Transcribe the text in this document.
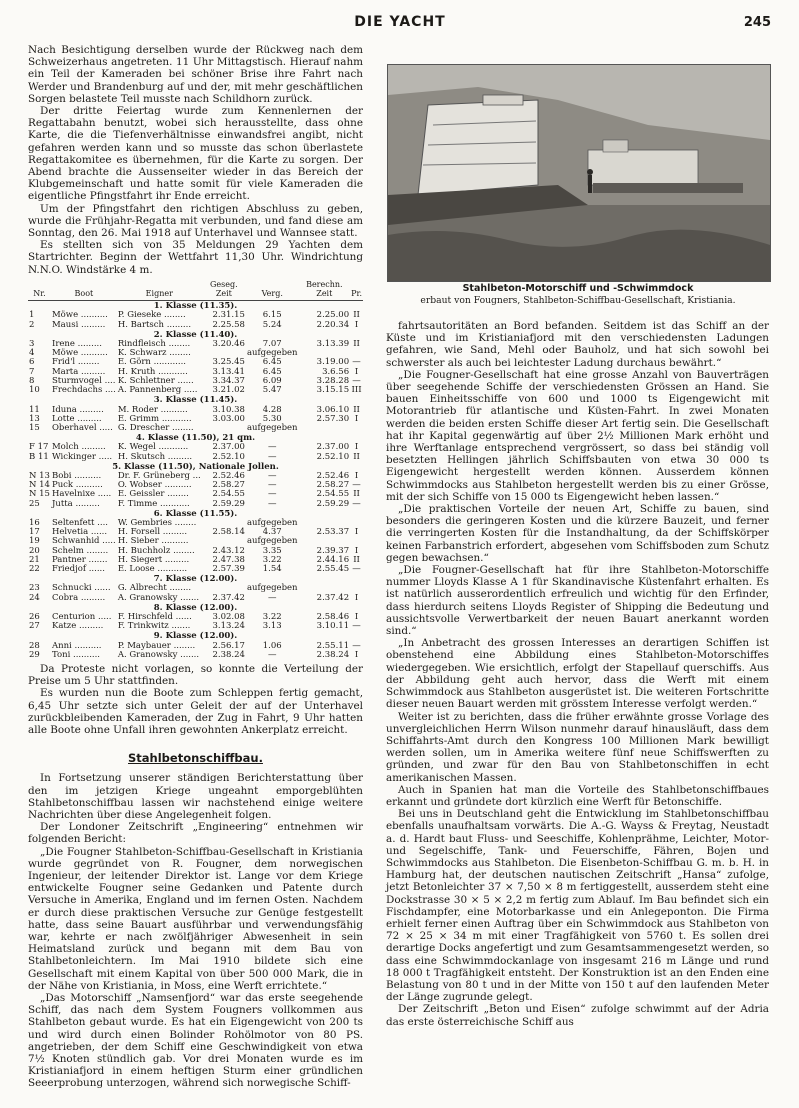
DIE YACHT	245

Nach Besichtigung derselben wurde der Rückweg nach dem Schweizerhaus angetreten. 11 Uhr Mittagstisch. Hierauf nahm ein Teil der Kameraden bei schöner Brise ihre Fahrt nach Werder und Brandenburg auf und der, mit mehr geschäftlichen Sorgen belastete Teil musste nach Schildhorn zurück.

Der dritte Feiertag wurde zum Kennenlernen der Regattabahn benutzt, wobei sich herausstellte, dass ohne Karte, die die Tiefenverhältnisse einwandsfrei angibt, nicht gefahren werden kann und so musste das schon überlastete Regattakomitee es übernehmen, für die Karte zu sorgen. Der Abend brachte die Aussenseiter wieder in das Bereich der Klubgemeinschaft und hatte somit für viele Kameraden die eigentliche Pfingstfahrt ihr Ende erreicht.

Um der Pfingstfahrt den richtigen Abschluss zu geben, wurde die Frühjahr-Regatta mit verbunden, und fand diese am Sonntag, den 26. Mai 1918 auf Unterhavel und Wannsee statt.

Es stellten sich von 35 Meldungen 29 Yachten dem Startrichter. Beginn der Wettfahrt 11,30 Uhr. Windrichtung N.N.O. Windstärke 4 m.

Nr.	Boot	Eigner	Geseg. Zeit	Verg.	Berechn. Zeit	Pr.
1. Klasse (11.35).						
1	Möwe ..........	P. Gieseke ........	2.31.15	6.15	2.25.00	II
2	Mausi .........	H. Bartsch .........	2.25.58	5.24	2.20.34	I
2. Klasse (11.40).						
3	Irene .........	Rindfleisch ........	3.20.46	7.07	3.13.39	II
4	Möwe ..........	K. Schwarz ........		aufgegeben		
6	Frid'l ........	E. Görn ............	3.25.45	6.45	3.19.00	—
7	Marta .........	H. Kruth ...........	3.13.41	6.45	3.6.56	I
8	Sturmvogel ....	K. Schlettner ......	3.34.37	6.09	3.28.28	—
10	Frechdachs ....	A. Pannenberg .....	3.21.02	5.47	3.15.15	III
3. Klasse (11.45).						
11	Iduna .........	M. Roder ..........	3.10.38	4.28	3.06.10	II
13	Lotte .........	E. Grimm ...........	3.03.00	5.30	2.57.30	I
15	Oberhavel .....	G. Drescher ........		aufgegeben		
4. Klasse (11.50), 21 qm.						
F 17	Molch .........	K. Wegel ...........	2.37.00	—	2.37.00	I
B 11	Wickinger .....	H. Skutsch .........	2.52.10	—	2.52.10	II
5. Klasse (11.50), Nationale Jollen.						
N 13	Bobi ..........	Dr. F. Grüneberg ...	2.52.46	—	2.52.46	I
N 14	Puck ..........	O. Wobser ..........	2.58.27	—	2.58.27	—
N 15	Havelnixe .....	E. Geissler ........	2.54.55	—	2.54.55	II
25	Jutta .........	F. Timme ...........	2.59.29	—	2.59.29	—
6. Klasse (11.55).						
16	Seltenfett ....	W. Gembries ........		aufgegeben		
17	Helvetia ......	H. Forsell .........	2.58.14	4.37	2.53.37	I
19	Schwanhid .....	H. Sieber ..........		aufgegeben		
20	Schelm ........	H. Buchholz ........	2.43.12	3.35	2.39.37	I
21	Pantner .......	H. Siegert .........	2.47.38	3.22	2.44.16	II
22	Friedjof ......	E. Loose ...........	2.57.39	1.54	2.55.45	—
7. Klasse (12.00).						
23	Schnucki ......	G. Albrecht ........		aufgegeben		
24	Cobra .........	A. Granowsky .......	2.37.42	—	2.37.42	I
8. Klasse (12.00).						
26	Centurion .....	F. Hirschfeld ......	3.02.08	3.22	2.58.46	I
27	Katze .........	F. Trinkwitz .......	3.13.24	3.13	3.10.11	—
9. Klasse (12.00).						
28	Anni ..........	P. Maybauer ........	2.56.17	1.06	2.55.11	—
29	Toni ..........	A. Granowsky .......	2.38.24	—	2.38.24	I

Da Proteste nicht vorlagen, so konnte die Verteilung der Preise um 5 Uhr stattfinden.

Es wurden nun die Boote zum Schleppen fertig gemacht, 6,45 Uhr setzte sich unter Geleit der auf der Unterhavel zurückbleibenden Kameraden, der Zug in Fahrt, 9 Uhr hatten alle Boote ohne Unfall ihren gewohnten Ankerplatz erreicht.

Stahlbetonschiffbau.

In Fortsetzung unserer ständigen Berichterstattung über den im jetzigen Kriege ungeahnt emporgeblühten Stahlbetonschiffbau lassen wir nachstehend einige weitere Nachrichten über diese Angelegenheit folgen.

Der Londoner Zeitschrift „Engineering“ entnehmen wir folgenden Bericht:

„Die Fougner Stahlbeton-Schiffbau-Gesellschaft in Kristiania wurde gegründet von R. Fougner, dem norwegischen Ingenieur, der leitender Direktor ist. Lange vor dem Kriege entwickelte Fougner seine Gedanken und Patente durch Versuche in Amerika, England und im fernen Osten. Nachdem er durch diese praktischen Versuche zur Genüge festgestellt hatte, dass seine Bauart ausführbar und verwendungsfähig war, kehrte er nach zwölfjähriger Abwesenheit in sein Heimatsland zurück und begann mit dem Bau von Stahlbetonleichtern. Im Mai 1910 bildete sich eine Gesellschaft mit einem Kapital von über 500 000 Mark, die in der Nähe von Kristiania, in Moss, eine Werft errichtete.“

„Das Motorschiff „Namsenfjord“ war das erste seegehende Schiff, das nach dem System Fougners vollkommen aus Stahlbeton gebaut wurde. Es hat ein Eigengewicht von 200 ts und wird durch einen Bolinder Rohölmotor von 80 PS. angetrieben, der dem Schiff eine Geschwindigkeit von etwa 7½ Knoten stündlich gab. Vor drei Monaten wurde es im Kristianiafjord in einem heftigen Sturm einer gründlichen Seeerprobung unterzogen, während sich norwegische Schiff-

Stahlbeton-Motorschiff und -Schwimmdock
erbaut von Fougners, Stahlbeton-Schiffbau-Gesellschaft, Kristiania.

fahrtsautoritäten an Bord befanden. Seitdem ist das Schiff an der Küste und im Kristianiafjord mit den verschiedensten Ladungen gefahren, wie Sand, Mehl oder Bauholz, und hat sich sowohl bei schwerster als auch bei leichtester Ladung durchaus bewährt.“

„Die Fougner-Gesellschaft hat eine grosse Anzahl von Bauverträgen über seegehende Schiffe der verschiedensten Grössen an Hand. Sie bauen Einheitsschiffe von 600 und 1000 ts Eigengewicht mit Motorantrieb für atlantische und Küsten-Fahrt. In zwei Monaten werden die beiden ersten Schiffe dieser Art fertig sein. Die Gesellschaft hat ihr Kapital gegenwärtig auf über 2½ Millionen Mark erhöht und ihre Werftanlage entsprechend vergrössert, so dass bei ständig voll besetzten Hellingen jährlich Schiffsbauten von etwa 30 000 ts Eigengewicht hergestellt werden können. Ausserdem können Schwimmdocks aus Stahlbeton hergestellt werden bis zu einer Grösse, mit der sich Schiffe von 15 000 ts Eigengewicht heben lassen.“

„Die praktischen Vorteile der neuen Art, Schiffe zu bauen, sind besonders die geringeren Kosten und die kürzere Bauzeit, und ferner die verringerten Kosten für die Instandhaltung, da der Schiffskörper keinen Farbanstrich erfordert, abgesehen vom Schiffsboden zum Schutz gegen bewachsen.“

„Die Fougner-Gesellschaft hat für ihre Stahlbeton-Motorschiffe nummer Lloyds Klasse A 1 für Skandinavische Küstenfahrt erhalten. Es ist natürlich ausserordentlich erfreulich und wichtig für den Erfinder, dass hierdurch seitens Lloyds Register of Shipping die Bedeutung und aussichtsvolle Verwertbarkeit der neuen Bauart anerkannt worden sind.“

„In Anbetracht des grossen Interesses an derartigen Schiffen ist obenstehend eine Abbildung eines Stahlbeton-Motorschiffes wiedergegeben. Wie ersichtlich, erfolgt der Stapellauf querschiffs. Aus der Abbildung geht auch hervor, dass die Werft mit einem Schwimmdock aus Stahlbeton ausgerüstet ist. Die weiteren Fortschritte dieser neuen Bauart werden mit grösstem Interesse verfolgt werden.“

Weiter ist zu berichten, dass die früher erwähnte grosse Vorlage des unvergleichlichen Herrn Wilson nunmehr darauf hinausläuft, dass dem Schiffahrts-Amt durch den Kongress 100 Millionen Mark bewilligt werden sollen, um in Amerika weitere fünf neue Schiffswerften zu gründen, und zwar für den Bau von Stahlbetonschiffen in echt amerikanischen Massen.

Auch in Spanien hat man die Vorteile des Stahlbetonschiffbaues erkannt und gründete dort kürzlich eine Werft für Betonschiffe.

Bei uns in Deutschland geht die Entwicklung im Stahlbetonschiffbau ebenfalls unaufhaltsam vorwärts. Die A.-G. Wayss & Freytag, Neustadt a. d. Hardt baut Fluss- und Seeschiffe, Kohlenprähme, Leichter, Motor- und Segelschiffe, Tank- und Feuerschiffe, Fähren, Bojen und Schwimmdocks aus Stahlbeton. Die Eisenbeton-Schiffbau G. m. b. H. in Hamburg hat, der deutschen nautischen Zeitschrift „Hansa“ zufolge, jetzt Betonleichter 37 × 7,50 × 8 m fertiggestellt, ausserdem steht eine Dockstrasse 30 × 5 × 2,2 m fertig zum Ablauf. Im Bau befindet sich ein Fischdampfer, eine Motorbarkasse und ein Anlegeponton. Die Firma erhielt ferner einen Auftrag über ein Schwimmdock aus Stahlbeton von 72 × 25 × 34 m mit einer Tragfähigkeit von 5760 t. Es sollen drei derartige Docks angefertigt und zum Gesamtsammengesetzt werden, so dass eine Schwimmdockanlage von insgesamt 216 m Länge und rund 18 000 t Tragfähigkeit entsteht. Der Konstruktion ist an den Enden eine Belastung von 80 t und in der Mitte von 150 t auf den laufenden Meter der Länge zugrunde gelegt.

Der Zeitschrift „Beton und Eisen“ zufolge schwimmt auf der Adria das erste österreichische Schiff aus
